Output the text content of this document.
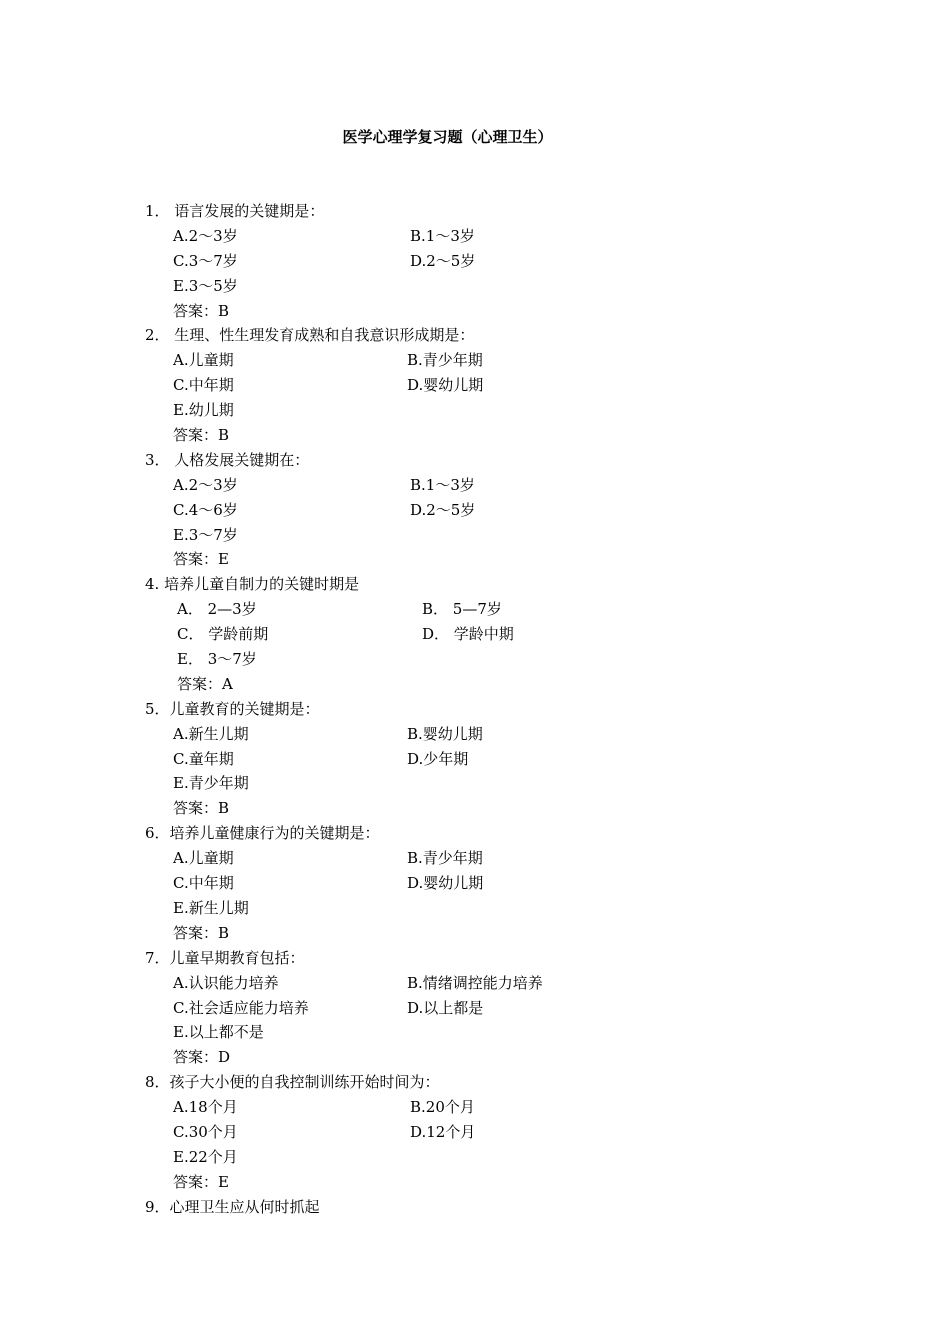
医学心理学复习题（心理卫生）
1． 语言发展的关键期是：
A.2～3岁	B.1～3岁
C.3～7岁	D.2～5岁
E.3～5岁
答案：B
2． 生理、性生理发育成熟和自我意识形成期是：
A.儿童期	B.青少年期
C.中年期	D.婴幼儿期
E.幼儿期
答案：B
3． 人格发展关键期在：
A.2～3岁	B.1～3岁
C.4～6岁	D.2～5岁
E.3～7岁
答案：E
4. 培养儿童自制力的关键时期是
A． 2—3岁	B． 5—7岁
C． 学龄前期	D． 学龄中期
E． 3～7岁
答案：A
5．儿童教育的关键期是：
A.新生儿期	B.婴幼儿期
C.童年期	D.少年期
E.青少年期
答案：B
6．培养儿童健康行为的关键期是：
A.儿童期	B.青少年期
C.中年期	D.婴幼儿期
E.新生儿期
答案：B
7．儿童早期教育包括：
A.认识能力培养	B.情绪调控能力培养
C.社会适应能力培养	D.以上都是
E.以上都不是
答案：D
8．孩子大小便的自我控制训练开始时间为：
A.18个月	B.20个月
C.30个月	D.12个月
E.22个月
答案：E
9．心理卫生应从何时抓起
